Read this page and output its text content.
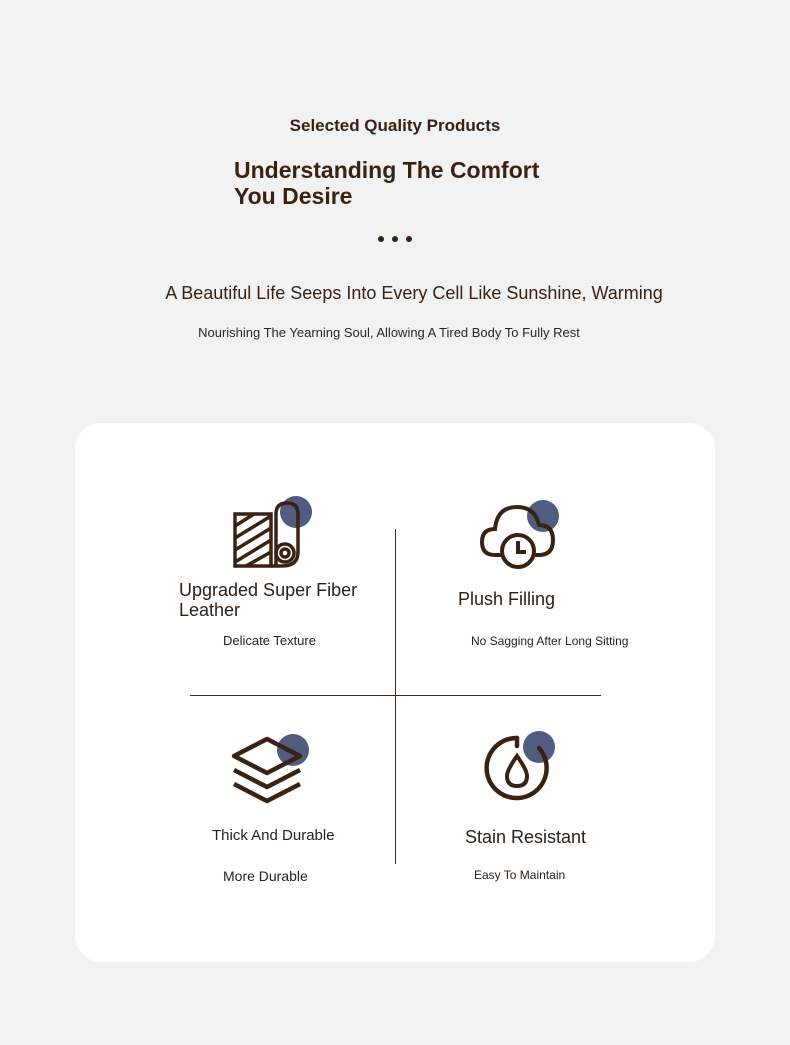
Selected Quality Products
Understanding The Comfort
You Desire
A Beautiful Life Seeps Into Every Cell Like Sunshine, Warming
Nourishing The Yearning Soul, Allowing A Tired Body To Fully Rest
Upgraded Super Fiber Leather
Delicate Texture
Plush Filling
No Sagging After Long Sitting
Thick And Durable
More Durable
Stain Resistant
Easy To Maintain
